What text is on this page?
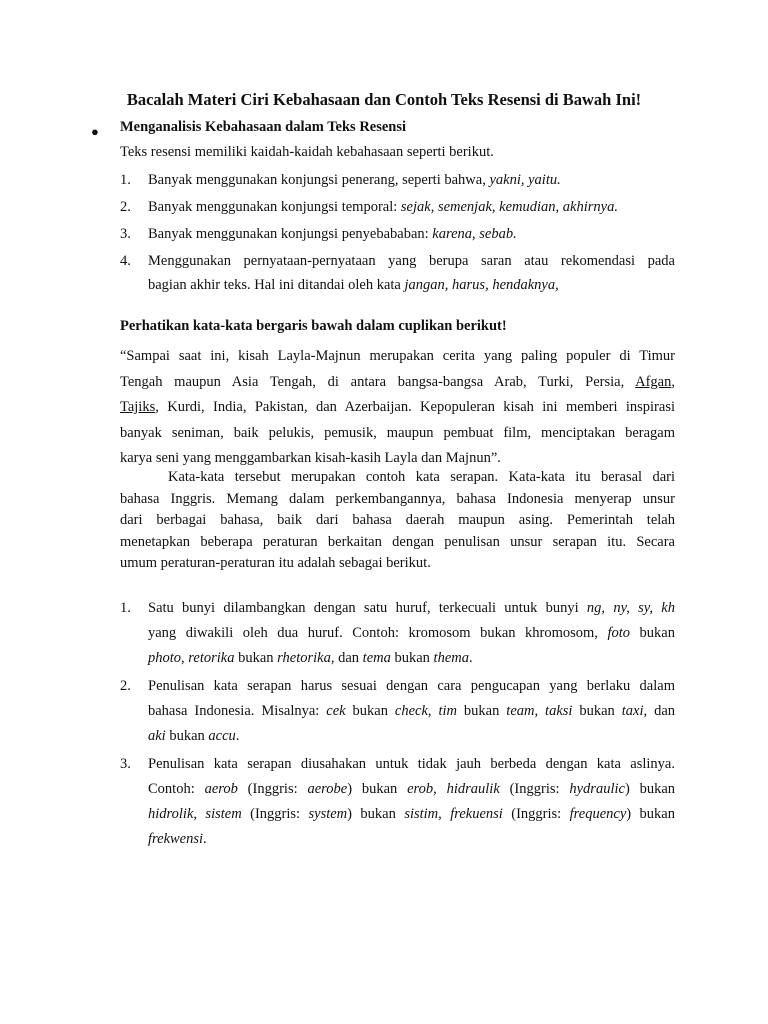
Bacalah Materi Ciri Kebahasaan dan Contoh Teks Resensi di Bawah Ini!
● Menganalisis Kebahasaan dalam Teks Resensi
Teks resensi memiliki kaidah-kaidah kebahasaan seperti berikut.
1. Banyak menggunakan konjungsi penerang, seperti bahwa, yakni, yaitu.
2. Banyak menggunakan konjungsi temporal: sejak, semenjak, kemudian, akhirnya.
3. Banyak menggunakan konjungsi penyebababan: karena, sebab.
4. Menggunakan pernyataan-pernyataan yang berupa saran atau rekomendasi pada
bagian akhir teks. Hal ini ditandai oleh kata jangan, harus, hendaknya,
Perhatikan kata-kata bergaris bawah dalam cuplikan berikut!
“Sampai saat ini, kisah Layla-Majnun merupakan cerita yang paling populer di Timur
Tengah maupun Asia Tengah, di antara bangsa-bangsa Arab, Turki, Persia, Afgan,
Tajiks, Kurdi, India, Pakistan, dan Azerbaijan. Kepopuleran kisah ini memberi inspirasi
banyak seniman, baik pelukis, pemusik, maupun pembuat film, menciptakan beragam
karya seni yang menggambarkan kisah-kasih Layla dan Majnun”.
Kata-kata tersebut merupakan contoh kata serapan. Kata-kata itu berasal dari
bahasa Inggris. Memang dalam perkembangannya, bahasa Indonesia menyerap unsur
dari berbagai bahasa, baik dari bahasa daerah maupun asing. Pemerintah telah
menetapkan beberapa peraturan berkaitan dengan penulisan unsur serapan itu. Secara
umum peraturan-peraturan itu adalah sebagai berikut.
1. Satu bunyi dilambangkan dengan satu huruf, terkecuali untuk bunyi ng, ny, sy, kh
yang diwakili oleh dua huruf. Contoh: kromosom bukan khromosom, foto bukan
photo, retorika bukan rhetorika, dan tema bukan thema.
2. Penulisan kata serapan harus sesuai dengan cara pengucapan yang berlaku dalam
bahasa Indonesia. Misalnya: cek bukan check, tim bukan team, taksi bukan taxi, dan
aki bukan accu.
3. Penulisan kata serapan diusahakan untuk tidak jauh berbeda dengan kata aslinya.
Contoh: aerob (Inggris: aerobe) bukan erob, hidraulik (Inggris: hydraulic) bukan
hidrolik, sistem (Inggris: system) bukan sistim, frekuensi (Inggris: frequency) bukan
frekwensi.
